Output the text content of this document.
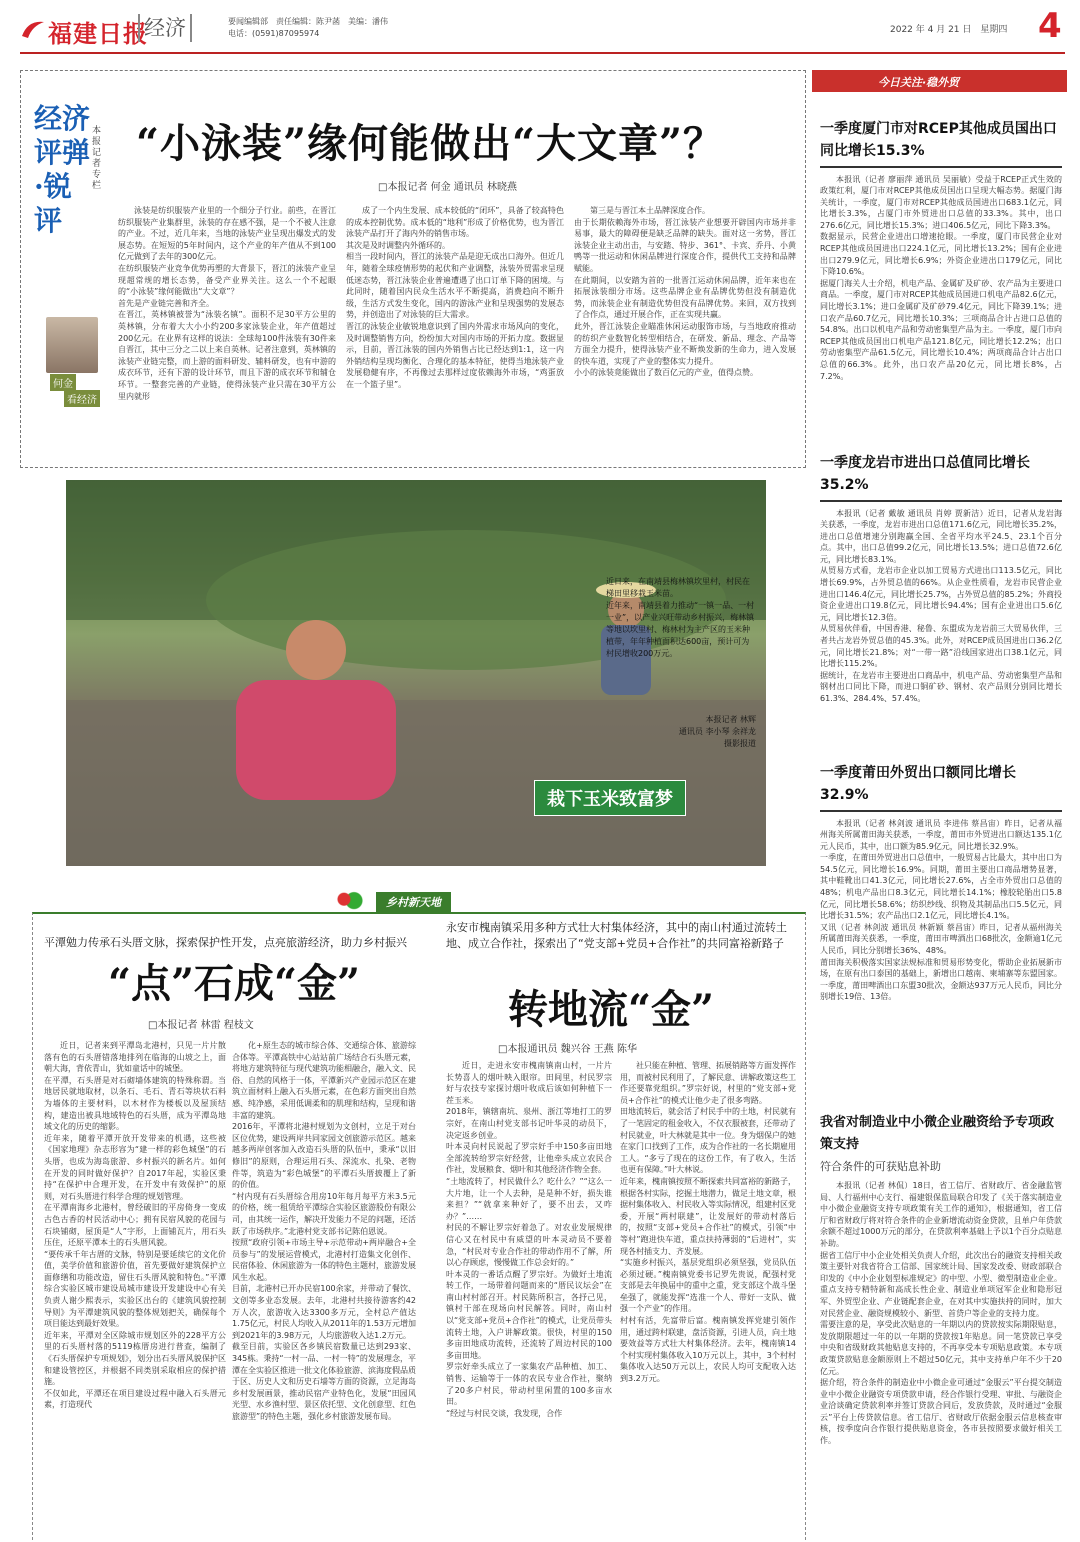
福建日报
经济	要闻编辑部　责任编辑：陈尹菡　美编：潘伟
电话：(0591)87095974	2022 年 4 月 21 日　星期四 4
经济评弹·锐评
本报记者专栏
何金
看经济
“小泳装”缘何能做出“大文章”？
□本报记者 何金 通讯员 林晓燕

泳装是纺织服装产业里的一个细分子行业。前些，在晋江纺织服装产业集群里，泳装的存在感不强，是一个不被人注意的产业。不过，近几年来，当地的泳装产业呈现出爆发式的发展态势。在短短的5年时间内，这个产业的年产值从不到100亿元做到了去年的300亿元。
在纺织服装产业竞争优势再塑的大背景下，晋江的泳装产业呈现超常规的增长态势，备受产业界关注。这么一个不起眼的“小泳装”缘何能做出“大文章”？
首先是产业链完善和齐全。
在晋江，英林镇被誉为“泳装名镇”。面积不足30平方公里的英林镇，分布着大大小小约200多家泳装企业，年产值超过200亿元。在业界有这样的说法：全球每100件泳装有30件来自晋江，其中三分之二以上来自英林。记者注意到，英林镇的泳装产业链完整，而上游的面料研发、辅料研发，也有中游的成衣环节，还有下游的设计环节，而且下游的成衣环节和辅仓环节。一整套完善的产业链，使得泳装产业只需在30平方公里内就形

成了一个内生发展、成本较低的“闭环”，具备了较高特色的成本控制优势。成本低的“地利”形成了价格优势，也为晋江泳装产品打开了海内外的销售市场。
其次是及时调整内外循环的。
相当一段时间内，晋江的泳装产品是迎无成出口海外。但近几年，随着全球疫情形势的起伏和产业调整，泳装外贸需求呈现低迷态势，晋江泳装企业普遍遭遇了出口订单下降的困境。与此同时，随着国内民众生活水平不断提高，消费趋向不断升级，生活方式发生变化，国内的游泳产业和呈现强势的发展态势，并创造出了对泳装的巨大需求。
晋江的泳装企业敏锐地意识到了国内外需求市场风向的变化，及时调整销售方向，纷纷加大对国内市场的开拓力度。数据显示，目前，晋江泳装的国内外销售占比已经达到1:1，这一内外销结构呈现均衡化、合理化的基本特征，使得当地泳装产业发展稳健有序，不再像过去那样过度依赖海外市场，“鸡蛋放在一个篮子里”。

第三是与晋江本土品牌深度合作。
由于长期依赖海外市场，晋江泳装产业想要开辟国内市场并非易事，最大的障碍便是缺乏品牌的缺失。面对这一劣势，晋江泳装企业主动出击，与安踏、特步、361°、卡宾、乔丹、小黄鸭等一批运动和休闲品牌进行深度合作，提供代工支持和品牌赋能。
在此期间，以安踏为首的一批晋江运动休闲品牌，近年来也在拓展泳装细分市场。这些品牌企业有品牌优势但没有制造优势，而泳装企业有制造优势但没有品牌优势。来回，双方找到了合作点，通过开展合作，正在实现共赢。
此外，晋江泳装企业瞄准休闲运动服饰市场，与当地政府推动的纺织产业数智化转型相结合，在研发、新品、理念、产品等方面全力提升，使得泳装产业不断焕发新的生命力，进入发展的快车道，实现了产业的整体实力提升。
小小的泳装竟能做出了数百亿元的产业，值得点赞。

近日来，在南靖县梅林镇坎里村，村民在梯田里移栽玉米苗。
近年来，南靖县着力推动“一镇一品、一村一业”，以产业兴旺带动乡村振兴，梅林镇等地以坎里村、梅林村为主产区的玉米种植带，年年种植面积达600亩，预计可为村民增收200万元。
本报记者 林辉
通讯员 李小琴 余祥龙
摄影报道
栽下玉米致富梦
乡村新天地
平潭勉力传承石头厝文脉，探索保护性开发，点亮旅游经济，助力乡村振兴
“点”石成“金”
□本报记者 林雷 程枝文

近日，记者来到平潭岛北港村，只见一片片散落有色的石头厝错落地排列在临海的山坡之上，面朝大海，背依青山，犹如童话中的城堡。
在平潭，石头厝是对石砌墙体建筑的特殊称谓。当地居民就地取材，以条石、毛石、青石等块状石料为墙体的主要材料，以木材作为楼板以及屋顶结构，建造出被具地域特色的石头厝，成为平潭岛地域文化的历史的缩影。
近年来，随着平潭开放开发带来的机遇，这些被《国家地理》杂志形容为“建一样的彩色城堡”的石头厝，也成为海岛旅游、乡村振兴的新名片。如何在开发的同时做好保护？自2017年起，实验区秉持“在保护中合理开发，在开发中有效保护”的原则，对石头厝进行科学合理的规划管理。
在平潭南海乡北港村，曾经破旧的平房倚身一变成古色古香的村民活动中心；拥有民宿风貌的花园与石块铺砌，屋顶是“人”字形，上面铺瓦片，用石头压住，还原平潭本土的石头厝风貌。
“要传承千年古厝的文脉，特别是要延续它的文化价值，美学价值和旅游价值，首先要做好建筑保护立面修缮和功能改造，留住石头厝风貌和特色。”平潭综合实验区城市建设局城市建设开发建设中心有关负责人谢少熙表示，实验区出台的《建筑风貌控制导则》为平潭建筑风貌的整体规划把关，确保每个项目能达到最好效果。
近年来，平潭对全区除城市规划区外的228平方公里的石头厝村落的5119栋厝房进行普查，编制了《石头厝保护专项规划》，划分出石头厝风貌保护区和建设管控区，并根据不同类别采取相应的保护措施。
不仅如此，平潭还在项目建设过程中融入石头厝元素，打造现代

化+原生态的城市综合体、交通综合体、旅游综合体等。平潭高铁中心站站前广场结合石头厝元素，将地方建筑特征与现代建筑功能相融合，融入文、民俗、自然的风格于一体，平潭新兴产业园示范区在建筑立面材料上融入石头厝元素，在色彩方面突出自然感、纯净感，采用低调柔和的肌理和结构，呈现和谐丰富的建筑。
2016年，平潭将北港村规划为文创村，立足于对台区位优势，建设两岸共同家园文创旅游示范区。越来越多两岸创客加入改造石头厝的队伍中，秉承“以旧修旧”的原则，合理运用石头、深流水、扎染、老物件等，筑造为“彩色城堡”的平潭石头厝披覆上了新的价值。
“村内现有石头厝综合用房10年每月每平方米3.5元的价格，统一租赁给平潭综合实验区旅游股份有限公司，由其统一运作，解决开发能力不足的问题，还活跃了市场秩序。”北港村党支部书记陈伯恩说。
按照“政府引领+市场主导+示范带动+两岸融合+全员参与”的发展运营模式，北港村打造集文化创作、民宿体验、休闲旅游为一体的特色主题村，旅游发展风生水起。
目前，北港村已开办民宿100余家，并带动了餐饮、文创等多业态发展。去年，北港村共接待游客约42万人次，旅游收入达3300多万元，全村总产值达1.75亿元，村民人均收入从2011年的1.53万元增加到2021年的3.98万元，人均旅游收入达1.2万元。
截至目前，实验区各乡镇民宿数量已达到293家、345栋。秉持“一村一品、一村一特”的发展理念，平潭在全实验区推进一批文化体验旅游、滨海度假品质于区、历史人文和历史石墙等方面的资源，立足海岛乡村发展画景，推动民宿产业特色化，发展“田园风光型、水乡渔村型、景区依托型、文化创意型、红色旅游型”的特色主题，强化乡村旅游发展布局。

永安市槐南镇采用多种方式壮大村集体经济，其中的南山村通过流转土地、成立合作社，探索出了“党支部+党员+合作社”的共同富裕新路子
转地流“金”
□本报通讯员 魏兴谷 王燕 陈华

近日，走进永安市槐南镇南山村，一片片长势喜人的烟叶映入眼帘。田间里，村民罗宗好与农技专家探讨烟叶收成后该如何种植下一茬玉米。
2018年，镇辖南坑、泉州、浙江等地打工的罗宗好，在南山村党支部书记叶华灵的动员下，决定返乡创业。
叶本灵向村民说起了罗宗好手中150多亩田地全部流转给罗宗好经营，让他牵头成立农民合作社，发展粮食、烟叶和其他经济作物全套。
“土地流转了，村民做什么？吃什么？”“这么一大片地，让一个人去种，是是种不好，损失谁来担？”“就拿来种好了，要不出去，又咋办？”……
村民的不解让罗宗好着急了。对农业发展规律信心又在村民中有威望的叶本灵动员不要着急，“村民对专业合作社的带动作用不了解，所以心存顾虑，慢慢做工作总会好的。”
叶本灵的一番话点醒了罗宗好。为做好土地流转工作，一场带着问题而来的“厝民议坛会”在南山村村部召开。村民陈所积言，各抒己见，镇村干部在现场向村民解答。同时，南山村以“党支部+党员+合作社”的模式，让党员带头流转土地，入户讲解政策。很快，村里的150多亩田地成功流转，还流转了周边村民的100多亩田地。
罗宗好牵头成立了一家集农产品种植、加工、销售、运输等于一体的农民专业合作社，聚纳了20多户村民，带动村里闲置的100多亩水田。
“经过与村民交谈，我发现，合作

社只能在种植、管理、拓展销路等方面发挥作用，而被村民利用了，了解民意、讲解政策这些工作还要靠党组织。”罗宗好说，村里的“党支部+党员+合作社”的模式让他少走了很多弯路。
田地流转后，就会活了村民手中的土地，村民就有了一笔固定的租金收入，不仅衣服被套，还带动了村民就业，叶大林就是其中一位。身为烟保户的她在家门口找到了工作，成为合作社的一名长期雇用工人。“多亏了现在的这份工作，有了收入，生活也更有保障。”叶大林说。
近年来，槐南镇按照不断探索共同富裕的新路子，根据各村实际，挖掘土地潜力，做足土地文章，根据村集体收入、村民收入等实际情况，组建村区党委，开展“两村联建”，让发展好的带动村落后的，按照“支部+党员+合作社”的模式，引领“中等村”跑进快车道，重点扶持薄弱的“后进村”，实现各村插支力、齐发展。
“实施乡村振兴，基层党组织必须坚强，党员队伍必须过硬。”槐南镇党委书记罗先贵说，配强村党支部是去年换届中的重中之重，党支部这个战斗堡垒强了，就能发挥“选准一个人、带好一支队、做强一个产业”的作用。
村村有活，先富带后富。槐南镇发挥党建引领作用，通过跨村联建，盘活资源，引进人员，向土地要效益等方式壮大村集体经济。去年，槐南镇14个村实现村集体收入10万元以上，其中，3个村村集体收入达50万元以上，农民人均可支配收入达到3.2万元。

今日关注·稳外贸
一季度厦门市对RCEP其他成员国出口同比增长15.3%

本报讯（记者 廖丽萍 通讯员 吴丽敏）受益于RCEP正式生效的政策红利，厦门市对RCEP其他成员国出口呈现大幅态势。据厦门海关统计，一季度，厦门市对RCEP其他成员国进出口683.1亿元，同比增长3.3%，占厦门市外贸进出口总值的33.3%。其中，出口276.6亿元，同比增长15.3%；进口406.5亿元，同比下降3.3%。
数据显示，民营企业进出口增速抢眼。一季度，厦门市民营企业对RCEP其他成员国进出口224.1亿元，同比增长13.2%；国有企业进出口279.9亿元，同比增长6.9%；外资企业进出口179亿元，同比下降10.6%。
据厦门海关人士介绍，机电产品、金属矿及矿砂、农产品为主要进口商品。一季度，厦门市对RCEP其他成员国进口机电产品82.6亿元，同比增长3.1%；进口金属矿及矿砂79.4亿元，同比下降39.1%；进口农产品60.7亿元，同比增长10.3%；三项商品合计占进口总值的54.8%。出口以机电产品和劳动密集型产品为主。一季度，厦门市向RCEP其他成员国出口机电产品121.8亿元，同比增长12.2%；出口劳动密集型产品61.5亿元，同比增长10.4%；两项商品合计占出口总值的66.3%。此外，出口农产品20亿元，同比增长8%，占7.2%。

一季度龙岩市进出口总值同比增长35.2%

本报讯（记者 戴敏 通讯员 肖婷 贾新洁）近日，记者从龙岩海关获悉，一季度，龙岩市进出口总值171.6亿元，同比增长35.2%，进出口总值增速分别跑赢全国、全省平均水平24.5、23.1个百分点。其中，出口总值99.2亿元，同比增长13.5%；进口总值72.6亿元，同比增长83.1%。
从贸易方式看，龙岩市企业以加工贸易方式进出口113.5亿元，同比增长69.9%，占外贸总值的66%。从企业性质看，龙岩市民营企业进出口146.4亿元，同比增长25.7%，占外贸总值的85.2%；外商投资企业进出口19.8亿元，同比增长94.4%；国有企业进出口5.6亿元，同比增长12.3倍。
从贸易伙伴看，中国香港、秘鲁、东盟成为龙岩前三大贸易伙伴，三者共占龙岩外贸总值的45.3%。此外，对RCEP成员国进出口36.2亿元，同比增长21.8%；对“一带一路”沿线国家进出口38.1亿元，同比增长115.2%。
据统计，在龙岩市主要进出口商品中，机电产品、劳动密集型产品和钢材出口同比下降，而进口铜矿砂、钢材、农产品则分别同比增长61.3%、284.4%、57.4%。

一季度莆田外贸出口额同比增长32.9%

本报讯（记者 林剑波 通讯员 李进伟 蔡昌宙）昨日，记者从福州海关所属莆田海关获悉，一季度，莆田市外贸进出口额达135.1亿元人民币，其中，出口额为85.9亿元，同比增长32.9%。
一季度，在莆田外贸进出口总值中，一般贸易占比最大，其中出口为54.5亿元，同比增长16.9%。同期，莆田主要出口商品增势显著，其中鞋靴出口41.3亿元，同比增长27.6%，占全市外贸出口总值的48%；机电产品出口8.3亿元，同比增长14.1%；橡胶轮胎出口5.8亿元，同比增长58.6%；纺织纱线、织物及其制品出口5.5亿元，同比增长31.5%；农产品出口2.1亿元，同比增长4.1%。
又讯（记者 林剑波 通讯员 林新颖 蔡昌宙）昨日，记者从福州海关所属莆田海关获悉，一季度，莆田市啤酒出口68批次，金额逾1亿元人民币，同比分别增长36%、48%。
莆田海关积极落实国家法规标准和贸易形势变化，帮助企业拓展新市场，在原有出口泰国的基础上，新增出口越南、柬埔寨等东盟国家。一季度，莆田啤酒出口东盟30批次，金额达937万元人民币，同比分别增长19倍、13倍。

我省对制造业中小微企业融资给予专项政策支持
符合条件的可获贴息补助

本报讯（记者 林侃）18日，省工信厅、省财政厅、省金融监管局、人行福州中心支行、福建银保监局联合印发了《关于落实制造业中小微企业融资支持专项政策有关工作的通知》，根据通知，省工信厅和省财政厅将对符合条件的企业新增流动资金贷款，且单户年贷款余额不超过1000万元的部分，在贷款利率基础上予以1个百分点贴息补助。
据省工信厅中小企业处相关负责人介绍，此次出台的融资支持相关政策主要针对我省符合工信部、国家统计局、国家发改委、财政部联合印发的《中小企业划型标准规定》的中型、小型、微型制造业企业。重点支持专精特新和高成长性企业、制造业单项冠军企业和隐形冠军、外贸型企业、产业链配套企业，在对其中实施扶持的同时，加大对民营企业、融资规模较小、新型、首贷户等企业的支持力度。
需要注意的是，享受此次贴息的一年期以内的贷款按实际期限贴息，发放期限超过一年的以一年期的贷款按1年贴息。同一笔贷款已享受中央和省级财政其他贴息支持的，不再享受本专项贴息政策。本专项政策贷款贴息金额原则上不超过50亿元，其中支持单户年不少于20亿元。
据介绍，符合条件的制造业中小微企业可通过“金服云”平台提交制造业中小微企业融资专项贷款申请，经合作银行受理、审批、与融资企业洽谈确定贷款利率并签订贷款合同后，发放贷款，及时通过“金服云”平台上传贷款信息。省工信厅、省财政厅依据金服云信息核查审核，按季度向合作银行提供贴息资金，各市县按照要求做好相关工作。
